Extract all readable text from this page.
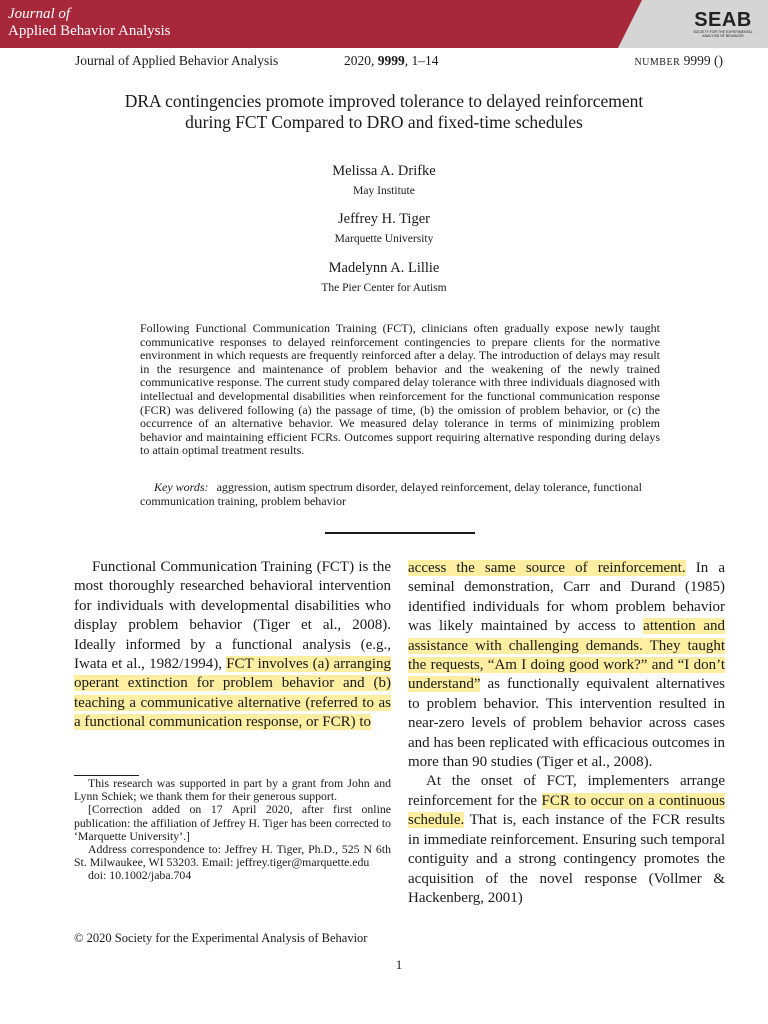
Journal of
Applied Behavior Analysis	SEAB
SOCIETY FOR THE EXPERIMENTAL
ANALYSIS OF BEHAVIOR
Journal of Applied Behavior Analysis	2020, 9999, 1–14	NUMBER 9999 ()
DRA contingencies promote improved tolerance to delayed reinforcement during FCT Compared to DRO and fixed-time schedules
Melissa A. Drifke
May Institute
Jeffrey H. Tiger
Marquette University
Madelynn A. Lillie
The Pier Center for Autism

Following Functional Communication Training (FCT), clinicians often gradually expose newly taught communicative responses to delayed reinforcement contingencies to prepare clients for the normative environment in which requests are frequently reinforced after a delay. The introduction of delays may result in the resurgence and maintenance of problem behavior and the weakening of the newly trained communicative response. The current study compared delay tolerance with three individuals diagnosed with intellectual and developmental disabilities when reinforcement for the functional communication response (FCR) was delivered following (a) the passage of time, (b) the omission of problem behavior, or (c) the occurrence of an alternative behavior. We measured delay tolerance in terms of minimizing problem behavior and maintaining efficient FCRs. Outcomes support requiring alternative responding during delays to attain optimal treatment results.

Key words: aggression, autism spectrum disorder, delayed reinforcement, delay tolerance, functional communication training, problem behavior

Functional Communication Training (FCT) is the most thoroughly researched behavioral intervention for individuals with developmental disabilities who display problem behavior (Tiger et al., 2008). Ideally informed by a functional analysis (e.g., Iwata et al., 1982/1994), FCT involves (a) arranging operant extinction for problem behavior and (b) teaching a communicative alternative (referred to as a functional communication response, or FCR) to

This research was supported in part by a grant from John and Lynn Schiek; we thank them for their generous support.

[Correction added on 17 April 2020, after first online publication: the affiliation of Jeffrey H. Tiger has been corrected to ‘Marquette University’.]

Address correspondence to: Jeffrey H. Tiger, Ph.D., 525 N 6th St. Milwaukee, WI 53203. Email: jeffrey.tiger@marquette.edu

doi: 10.1002/jaba.704

access the same source of reinforcement. In a seminal demonstration, Carr and Durand (1985) identified individuals for whom problem behavior was likely maintained by access to attention and assistance with challenging demands. They taught the requests, “Am I doing good work?” and “I don’t understand” as functionally equivalent alternatives to problem behavior. This intervention resulted in near-zero levels of problem behavior across cases and has been replicated with efficacious outcomes in more than 90 studies (Tiger et al., 2008).

At the onset of FCT, implementers arrange reinforcement for the FCR to occur on a continuous schedule. That is, each instance of the FCR results in immediate reinforcement. Ensuring such temporal contiguity and a strong contingency promotes the acquisition of the novel response (Vollmer & Hackenberg, 2001)

© 2020 Society for the Experimental Analysis of Behavior
1
